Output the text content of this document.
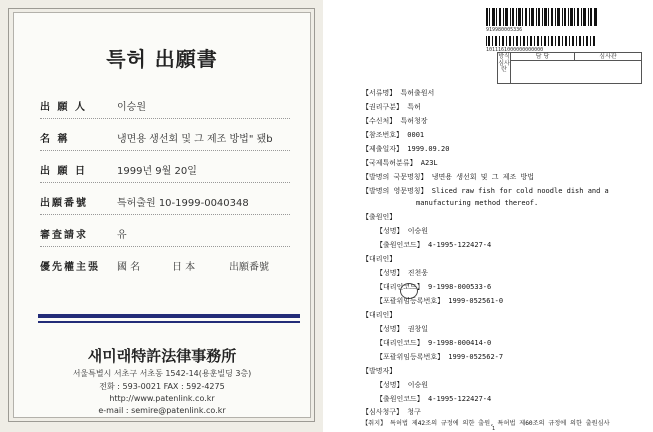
특허 出願書
出 願 人	이승원
名 稱	냉면용 생선회 및 그 제조 방법" 됐b
出 願 日	1999년 9월 20일
出願番號	특허출원 10-1999-0040348
審査請求	유
優先權主張 國 名	日 本	出願番號
새미래特許法律事務所
서울특별시 서초구 서초동 1542-14(용훈빌딩 3층)
전화 : 593-0021 FAX : 592-4275
http://www.patenlink.co.kr
e-mail : semire@patenlink.co.kr
919980005336
1011161000000000000
방식심사란
담 당	심사관
【서류명】 특허출원서
【권리구분】 특허
【수신처】 특허청장
【참조번호】 0001
【제출일자】 1999.09.20
【국제특허분류】 A23L
【발명의 국문명칭】 냉면용 생선회 및 그 제조 방법
【발명의 영문명칭】 Sliced raw fish for cold noodle dish and a
manufacturing method thereof.
【출원인】
【성명】 이승원
【출원인코드】 4-1995-122427-4
【대리인】
【성명】 진천웅
【대리인코드】 9-1998-000533-6
【포괄위임등록번호】 1999-052561-0
【대리인】
【성명】 권창일
【대리인코드】 9-1998-000414-0
【포괄위임등록번호】 1999-052562-7
【발명자】
【성명】 이승원
【출원인코드】 4-1995-122427-4
【심사청구】 청구
【취지】 특허법 제42조의 규정에 의한 출원, 특허법 제60조의 규정에 의한 출원심사
1
